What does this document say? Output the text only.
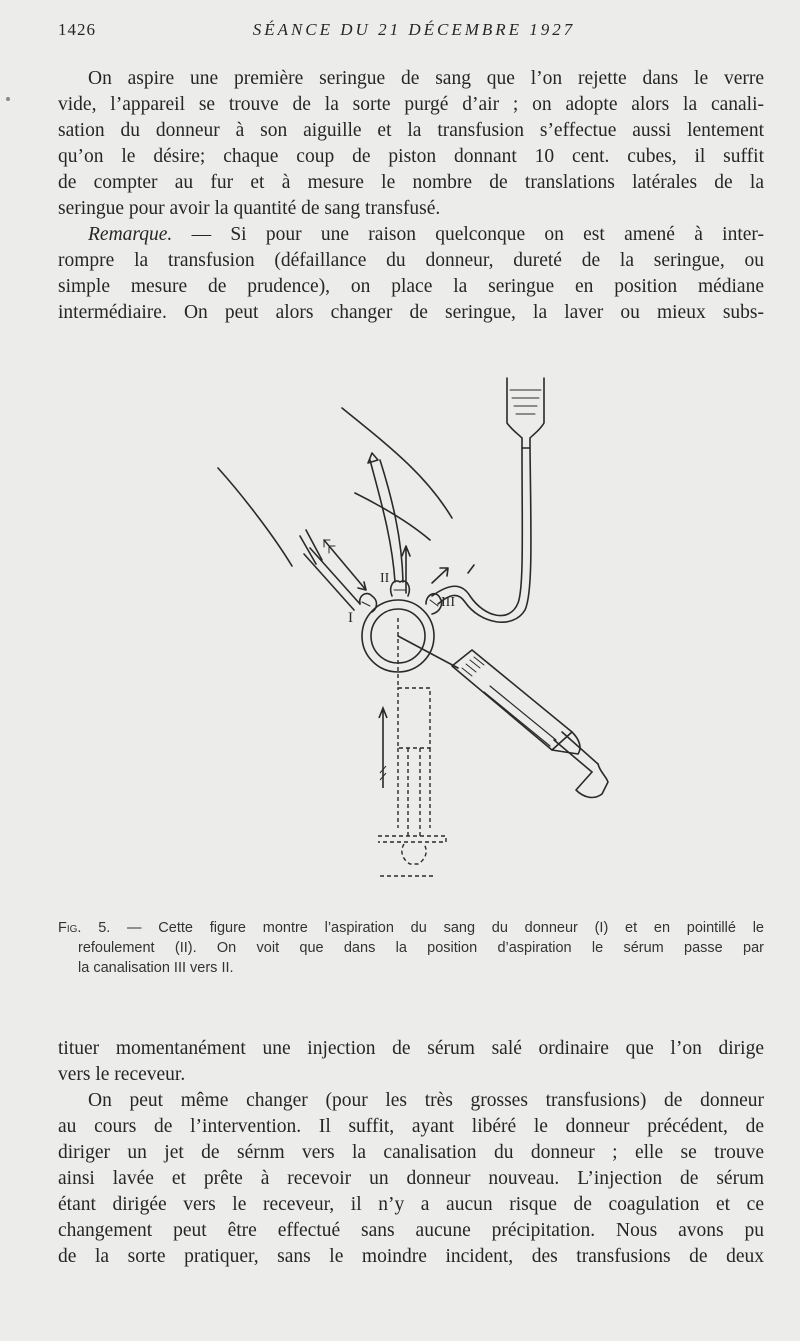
1426	SÉANCE DU 21 DÉCEMBRE 1927
On aspire une première seringue de sang que l’on rejette dans le verre
vide, l’appareil se trouve de la sorte purgé d’air ; on adopte alors la canali-
sation du donneur à son aiguille et la transfusion s’effectue aussi lentement
qu’on le désire; chaque coup de piston donnant 10 cent. cubes, il suffit
de compter au fur et à mesure le nombre de translations latérales de la
seringue pour avoir la quantité de sang transfusé.
Remarque. — Si pour une raison quelconque on est amené à inter-
rompre la transfusion (défaillance du donneur, dureté de la seringue, ou
simple mesure de prudence), on place la seringue en position médiane
intermédiaire. On peut alors changer de seringue, la laver ou mieux subs-
I
II
III
Fig. 5. — Cette figure montre l’aspiration du sang du donneur (I) et en pointillé le
refoulement (II). On voit que dans la position d’aspiration le sérum passe par
la canalisation III vers II.
tituer momentanément une injection de sérum salé ordinaire que l’on dirige
vers le receveur.
On peut même changer (pour les très grosses transfusions) de donneur
au cours de l’intervention. Il suffit, ayant libéré le donneur précédent, de
diriger un jet de sérnm vers la canalisation du donneur ; elle se trouve
ainsi lavée et prête à recevoir un donneur nouveau. L’injection de sérum
étant dirigée vers le receveur, il n’y a aucun risque de coagulation et ce
changement peut être effectué sans aucune précipitation. Nous avons pu
de la sorte pratiquer, sans le moindre incident, des transfusions de deux
